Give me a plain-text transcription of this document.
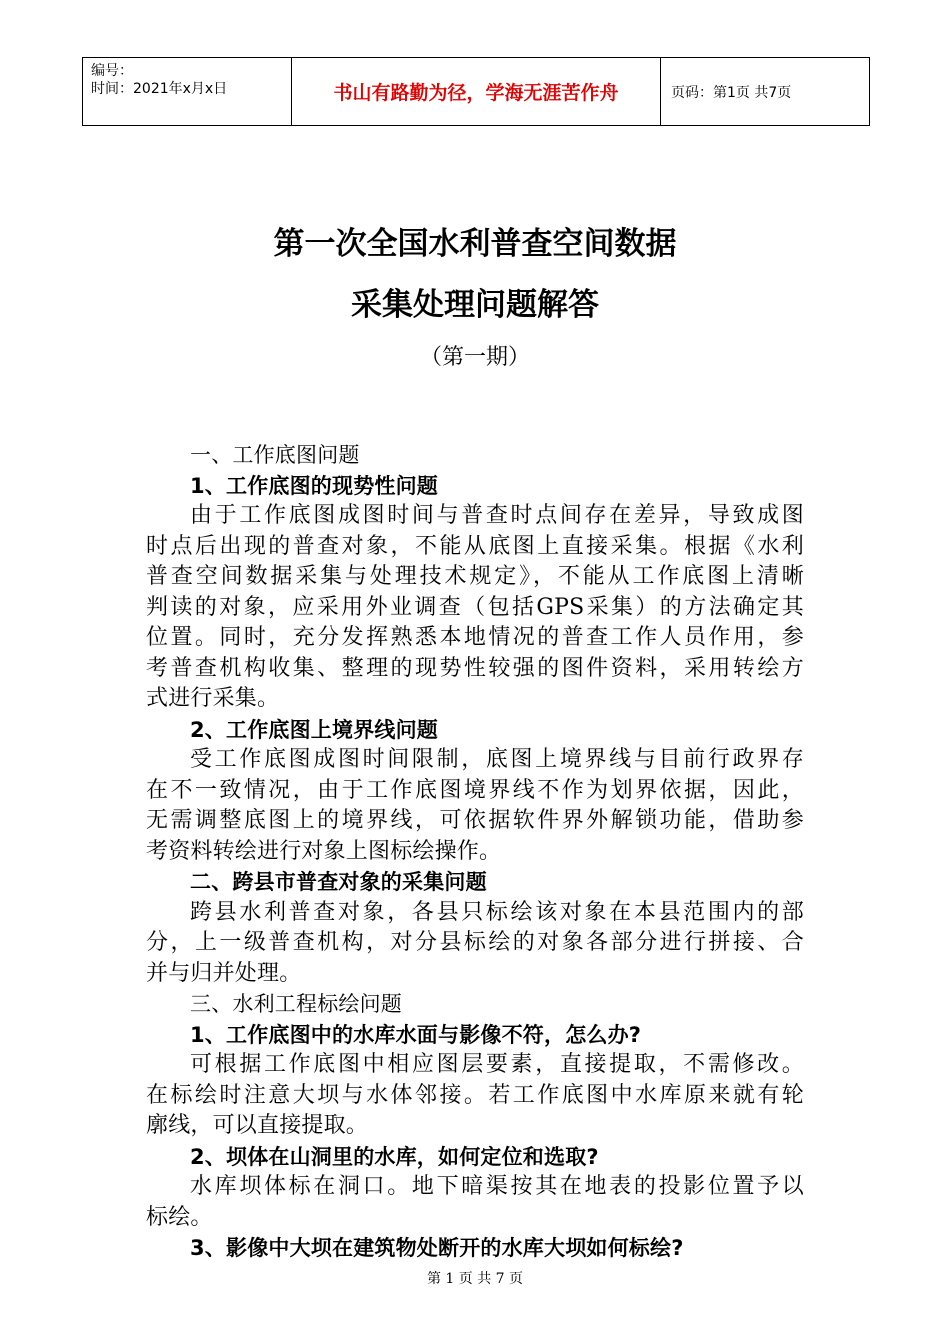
编号：
时间：2021年x月x日	书山有路勤为径，学海无涯苦作舟	页码：第1页 共7页
第一次全国水利普查空间数据
采集处理问题解答
（第一期）
一、工作底图问题
1、工作底图的现势性问题
由于工作底图成图时间与普查时点间存在差异，导致成图
时点后出现的普查对象，不能从底图上直接采集。根据《水利
普查空间数据采集与处理技术规定》，不能从工作底图上清晰
判读的对象，应采用外业调查（包括GPS采集）的方法确定其
位置。同时，充分发挥熟悉本地情况的普查工作人员作用，参
考普查机构收集、整理的现势性较强的图件资料，采用转绘方
式进行采集。
2、工作底图上境界线问题
受工作底图成图时间限制，底图上境界线与目前行政界存
在不一致情况，由于工作底图境界线不作为划界依据，因此，
无需调整底图上的境界线，可依据软件界外解锁功能，借助参
考资料转绘进行对象上图标绘操作。
二、跨县市普查对象的采集问题
跨县水利普查对象，各县只标绘该对象在本县范围内的部
分，上一级普查机构，对分县标绘的对象各部分进行拼接、合
并与归并处理。
三、水利工程标绘问题
1、工作底图中的水库水面与影像不符，怎么办?
可根据工作底图中相应图层要素，直接提取，不需修改。
在标绘时注意大坝与水体邻接。若工作底图中水库原来就有轮
廓线，可以直接提取。
2、坝体在山洞里的水库，如何定位和选取?
水库坝体标在洞口。地下暗渠按其在地表的投影位置予以
标绘。
3、影像中大坝在建筑物处断开的水库大坝如何标绘?
第 1 页 共 7 页
